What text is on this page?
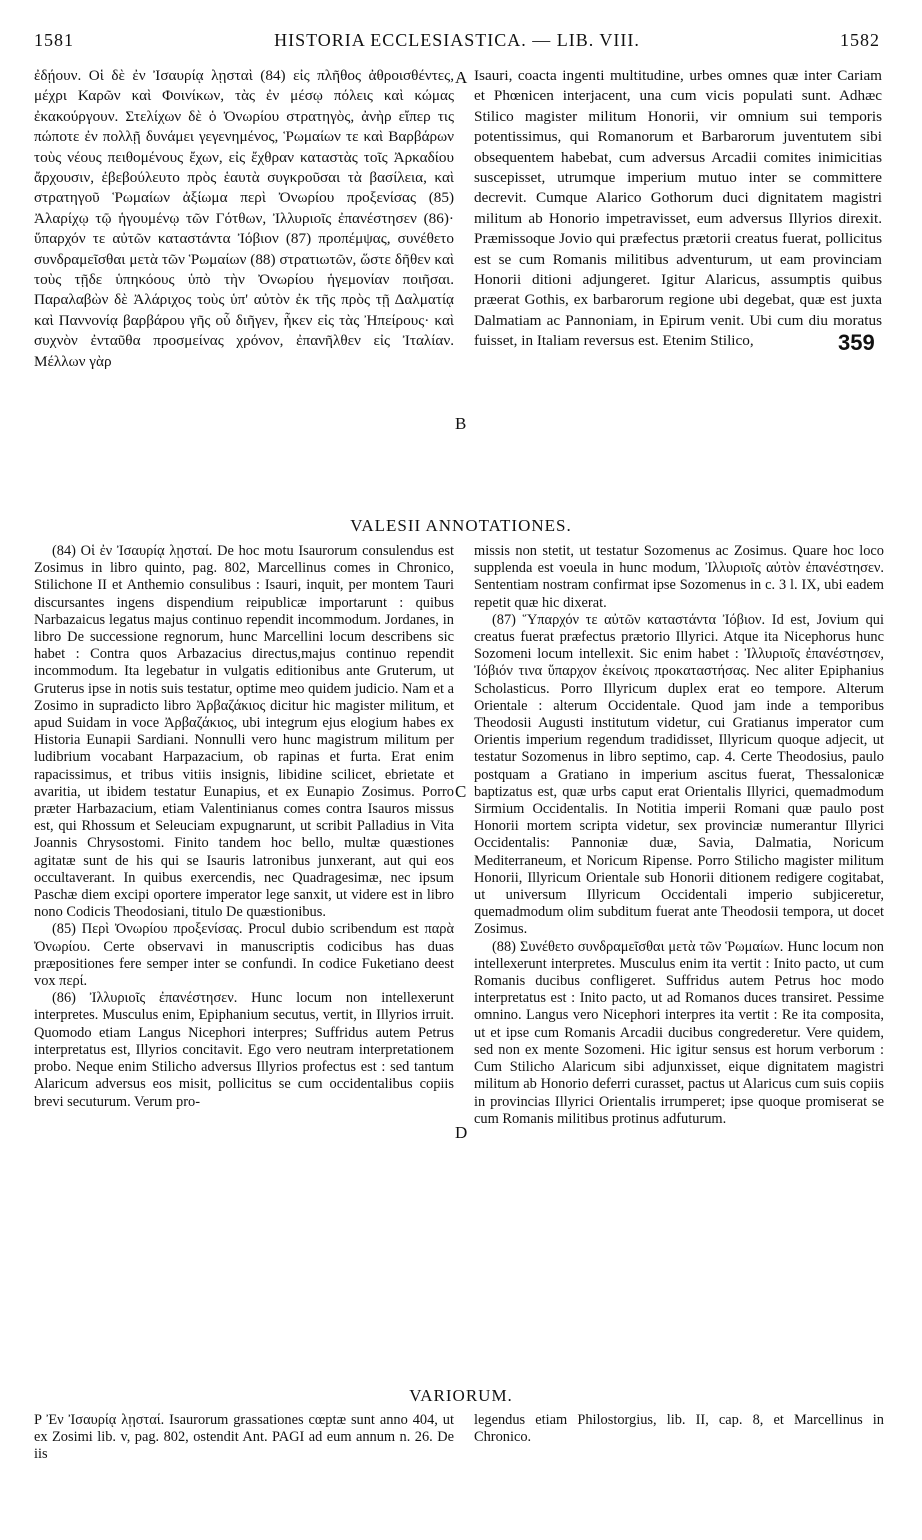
1581	HISTORIA ECCLESIASTICA. — LIB. VIII.	1582

ἐδῄουν. Οἱ δὲ ἐν Ἰσαυρίᾳ λῃσταὶ (84) εἰς πλῆθος ἀθροισθέντες, μέχρι Καρῶν καὶ Φοινίκων, τὰς ἐν μέσῳ πόλεις καὶ κώμας ἐκακούργουν. Στελίχων δὲ ὁ Ὀνωρίου στρατηγὸς, ἀνὴρ εἴπερ τις πώποτε ἐν πολλῇ δυνάμει γεγενημένος, Ῥωμαίων τε καὶ Βαρβάρων τοὺς νέους πειθομένους ἔχων, εἰς ἔχθραν καταστὰς τοῖς Ἀρκαδίου ἄρχουσιν, ἐβεβούλευτο πρὸς ἑαυτὰ συγκροῦσαι τὰ βασίλεια, καὶ στρατηγοῦ Ῥωμαίων ἀξίωμα περὶ Ὀνωρίου προξενίσας (85) Ἀλαρίχῳ τῷ ἡγουμένῳ τῶν Γότθων, Ἰλλυριοῖς ἐπανέστησεν (86)· ὕπαρχόν τε αὐτῶν καταστάντα Ἰόβιον (87) προπέμψας, συνέθετο συνδραμεῖσθαι μετὰ τῶν Ῥωμαίων (88) στρατιωτῶν, ὥστε δῆθεν καὶ τοὺς τῇδε ὑπηκόους ὑπὸ τὴν Ὀνωρίου ἡγεμονίαν ποιῆσαι. Παραλαβὼν δὲ Ἀλάριχος τοὺς ὑπ' αὐτὸν ἐκ τῆς πρὸς τῇ Δαλματίᾳ καὶ Παννονίᾳ βαρβάρου γῆς οὗ διῆγεν, ἧκεν εἰς τὰς Ἠπείρους· καὶ συχνὸν ἐνταῦθα προσμείνας χρόνον, ἐπανῆλθεν εἰς Ἰταλίαν. Μέλλων γὰρ

A
B

Isauri, coacta ingenti multitudine, urbes omnes quæ inter Cariam et Phœnicen interjacent, una cum vicis populati sunt. Adhæc Stilico magister militum Honorii, vir omnium sui temporis potentissimus, qui Romanorum et Barbarorum juventutem sibi obsequentem habebat, cum adversus Arcadii comites inimicitias suscepisset, utrumque imperium mutuo inter se committere decrevit. Cumque Alarico Gothorum duci dignitatem magistri militum ab Honorio impetravisset, eum adversus Illyrios direxit. Præmissoque Jovio qui præfectus prætorii creatus fuerat, pollicitus est se cum Romanis militibus adventurum, ut eam provinciam Honorii ditioni adjungeret. Igitur Alaricus, assumptis quibus præerat Gothis, ex barbarorum regione ubi degebat, quæ est juxta Dalmatiam ac Pannoniam, in Epirum venit. Ubi cum diu moratus fuisset, in Italiam reversus est. Etenim Stilico,	359
VALESII ANNOTATIONES.

(84) Οἱ ἐν Ἰσαυρίᾳ λῃσταί. De hoc motu Isaurorum consulendus est Zosimus in libro quinto, pag. 802, Marcellinus comes in Chronico, Stilichone II et Anthemio consulibus : Isauri, inquit, per montem Tauri discursantes ingens dispendium reipublicæ importarunt : quibus Narbazaicus legatus majus continuo rependit incommodum. Jordanes, in libro De successione regnorum, hunc Marcellini locum describens sic habet : Contra quos Arbazacius directus,majus continuo rependit incommodum. Ita legebatur in vulgatis editionibus ante Gruterum, ut Gruterus ipse in notis suis testatur, optime meo quidem judicio. Nam et a Zosimo in supradicto libro Ἀρβαζάκιος dicitur hic magister militum, et apud Suidam in voce Ἀρβαζάκιος, ubi integrum ejus elogium habes ex Historia Eunapii Sardiani. Nonnulli vero hunc magistrum militum per ludibrium vocabant Harpazacium, ob rapinas et furta. Erat enim rapacissimus, et tribus vitiis insignis, libidine scilicet, ebrietate et avaritia, ut ibidem testatur Eunapius, et ex Eunapio Zosimus. Porro præter Harbazacium, etiam Valentinianus comes contra Isauros missus est, qui Rhossum et Seleuciam expugnarunt, ut scribit Palladius in Vita Joannis Chrysostomi. Finito tandem hoc bello, multæ quæstiones agitatæ sunt de his qui se Isauris latronibus junxerant, aut qui eos occultaverant. In quibus exercendis, nec Quadragesimæ, nec ipsum Paschæ diem excipi oportere imperator lege sanxit, ut videre est in libro nono Codicis Theodosiani, titulo De quæstionibus.

(85) Περὶ Ὀνωρίου προξενίσας. Procul dubio scribendum est παρὰ Ὀνωρίου. Certe observavi in manuscriptis codicibus has duas præpositiones fere semper inter se confundi. In codice Fuketiano deest vox περί.

(86) Ἰλλυριοῖς ἐπανέστησεν. Hunc locum non intellexerunt interpretes. Musculus enim, Epiphanium secutus, vertit, in Illyrios irruit. Quomodo etiam Langus Nicephori interpres; Suffridus autem Petrus interpretatus est, Illyrios concitavit. Ego vero neutram interpretationem probo. Neque enim Stilicho adversus Illyrios profectus est : sed tantum Alaricum adversus eos misit, pollicitus se cum occidentalibus copiis brevi secuturum. Verum pro-

C
D

missis non stetit, ut testatur Sozomenus ac Zosimus. Quare hoc loco supplenda est voeula in hunc modum, Ἰλλυριοῖς αὐτὸν ἐπανέστησεν. Sententiam nostram confirmat ipse Sozomenus in c. 3 l. IX, ubi eadem repetit quæ hic dixerat.

(87) Ὕπαρχόν τε αὐτῶν καταστάντα Ἰόβιον. Id est, Jovium qui creatus fuerat præfectus prætorio Illyrici. Atque ita Nicephorus hunc Sozomeni locum intellexit. Sic enim habet : Ἰλλυριοῖς ἐπανέστησεν, Ἰόβιόν τινα ὕπαρχον ἐκείνοις προκαταστήσας. Nec aliter Epiphanius Scholasticus. Porro Illyricum duplex erat eo tempore. Alterum Orientale : alterum Occidentale. Quod jam inde a temporibus Theodosii Augusti institutum videtur, cui Gratianus imperator cum Orientis imperium regendum tradidisset, Illyricum quoque adjecit, ut testatur Sozomenus in libro septimo, cap. 4. Certe Theodosius, paulo postquam a Gratiano in imperium ascitus fuerat, Thessalonicæ baptizatus est, quæ urbs caput erat Orientalis Illyrici, quemadmodum Sirmium Occidentalis. In Notitia imperii Romani quæ paulo post Honorii mortem scripta videtur, sex provinciæ numerantur Illyrici Occidentalis: Pannoniæ duæ, Savia, Dalmatia, Noricum Mediterraneum, et Noricum Ripense. Porro Stilicho magister militum Honorii, Illyricum Orientale sub Honorii ditionem redigere cogitabat, ut universum Illyricum Occidentali imperio subjiceretur, quemadmodum olim subditum fuerat ante Theodosii tempora, ut docet Zosimus.

(88) Συνέθετο συνδραμεῖσθαι μετὰ τῶν Ῥωμαίων. Hunc locum non intellexerunt interpretes. Musculus enim ita vertit : Inito pacto, ut cum Romanis ducibus confligeret. Suffridus autem Petrus hoc modo interpretatus est : Inito pacto, ut ad Romanos duces transiret. Pessime omnino. Langus vero Nicephori interpres ita vertit : Re ita composita, ut et ipse cum Romanis Arcadii ducibus congrederetur. Vere quidem, sed non ex mente Sozomeni. Hic igitur sensus est horum verborum : Cum Stilicho Alaricum sibi adjunxisset, eique dignitatem magistri militum ab Honorio deferri curasset, pactus ut Alaricus cum suis copiis in provincias Illyrici Orientalis irrumperet; ipse quoque promiserat se cum Romanis militibus protinus adfuturum.

VARIORUM.

P Ἐν Ἰσαυρίᾳ λῃσταί. Isaurorum grassationes cœptæ sunt anno 404, ut ex Zosimi lib. v, pag. 802, ostendit Ant. PAGI ad eum annum n. 26. De iis

legendus etiam Philostorgius, lib. II, cap. 8, et Marcellinus in Chronico.
